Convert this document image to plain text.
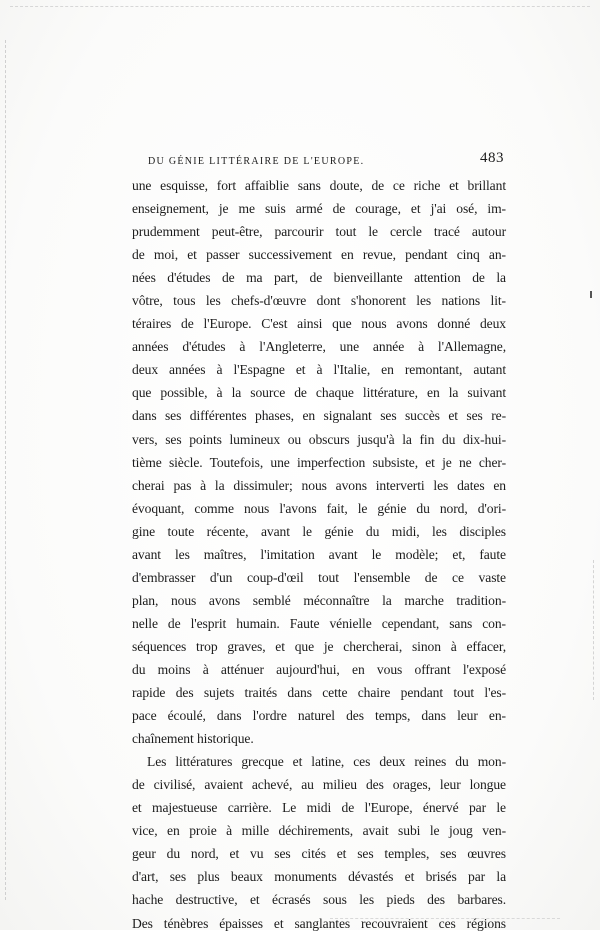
DU GÉNIE LITTÉRAIRE DE L'EUROPE.	483
une esquisse, fort affaiblie sans doute, de ce riche et brillant
enseignement, je me suis armé de courage, et j'ai osé, im-
prudemment peut-être, parcourir tout le cercle tracé autour
de moi, et passer successivement en revue, pendant cinq an-
nées d'études de ma part, de bienveillante attention de la
vôtre, tous les chefs-d'œuvre dont s'honorent les nations lit-
téraires de l'Europe. C'est ainsi que nous avons donné deux
années d'études à l'Angleterre, une année à l'Allemagne,
deux années à l'Espagne et à l'Italie, en remontant, autant
que possible, à la source de chaque littérature, en la suivant
dans ses différentes phases, en signalant ses succès et ses re-
vers, ses points lumineux ou obscurs jusqu'à la fin du dix-hui-
tième siècle. Toutefois, une imperfection subsiste, et je ne cher-
cherai pas à la dissimuler; nous avons interverti les dates en
évoquant, comme nous l'avons fait, le génie du nord, d'ori-
gine toute récente, avant le génie du midi, les disciples
avant les maîtres, l'imitation avant le modèle; et, faute
d'embrasser d'un coup-d'œil tout l'ensemble de ce vaste
plan, nous avons semblé méconnaître la marche tradition-
nelle de l'esprit humain. Faute vénielle cependant, sans con-
séquences trop graves, et que je chercherai, sinon à effacer,
du moins à atténuer aujourd'hui, en vous offrant l'exposé
rapide des sujets traités dans cette chaire pendant tout l'es-
pace écoulé, dans l'ordre naturel des temps, dans leur en-
chaînement historique.
Les littératures grecque et latine, ces deux reines du mon-
de civilisé, avaient achevé, au milieu des orages, leur longue
et majestueuse carrière. Le midi de l'Europe, énervé par le
vice, en proie à mille déchirements, avait subi le joug ven-
geur du nord, et vu ses cités et ses temples, ses œuvres
d'art, ses plus beaux monuments dévastés et brisés par la
hache destructive, et écrasés sous les pieds des barbares.
Des ténèbres épaisses et sanglantes recouvraient ces régions
